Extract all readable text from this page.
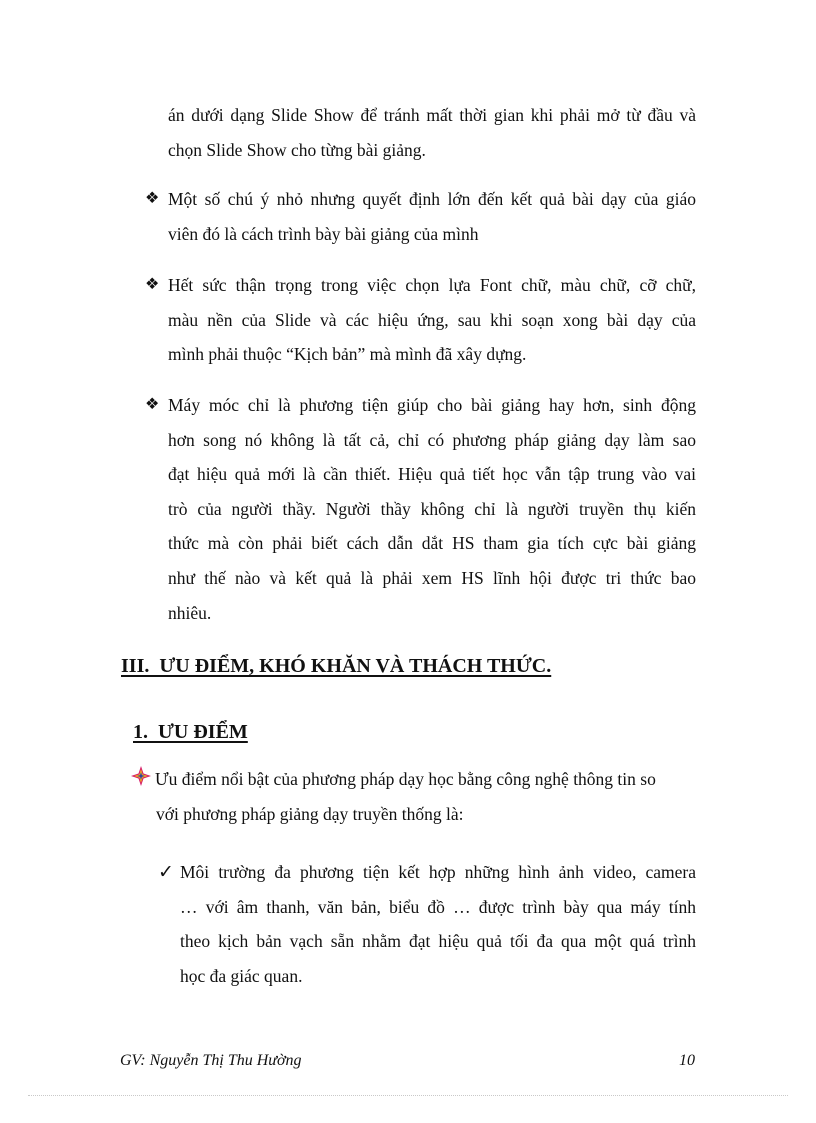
án dưới dạng Slide Show để tránh mất thời gian khi phải mở từ đầu và
chọn Slide Show cho từng bài giảng.
❖ Một số chú ý nhỏ nhưng quyết định lớn đến kết quả bài dạy của giáo
viên đó là cách trình bày bài giảng của mình
❖ Hết sức thận trọng trong việc chọn lựa Font chữ, màu chữ, cỡ chữ,
màu nền của Slide và các hiệu ứng, sau khi soạn xong bài dạy của
mình phải thuộc “Kịch bản” mà mình đã xây dựng.
❖ Máy móc chỉ là phương tiện giúp cho bài giảng hay hơn, sinh động
hơn song nó không là tất cả, chỉ có phương pháp giảng dạy làm sao
đạt hiệu quả mới là cần thiết. Hiệu quả tiết học vẫn tập trung vào vai
trò của người thầy. Người thầy không chỉ là người truyền thụ kiến
thức mà còn phải biết cách dẫn dắt HS tham gia tích cực bài giảng
như thế nào và kết quả là phải xem HS lĩnh hội được tri thức bao
nhiêu.
III.  ƯU ĐIỂM, KHÓ KHĂN VÀ THÁCH THỨC.
1.  ƯU ĐIỂM
Ưu điểm nổi bật của phương pháp dạy học bằng công nghệ thông tin so
với phương pháp giảng dạy truyền thống là:
✓ Môi trường đa phương tiện kết hợp những hình ảnh video, camera
… với âm thanh, văn bản, biểu đồ … được trình bày qua máy tính
theo kịch bản vạch sẵn nhằm đạt hiệu quả tối đa qua một quá trình
học đa giác quan.
GV: Nguyễn Thị Thu Hường	10
